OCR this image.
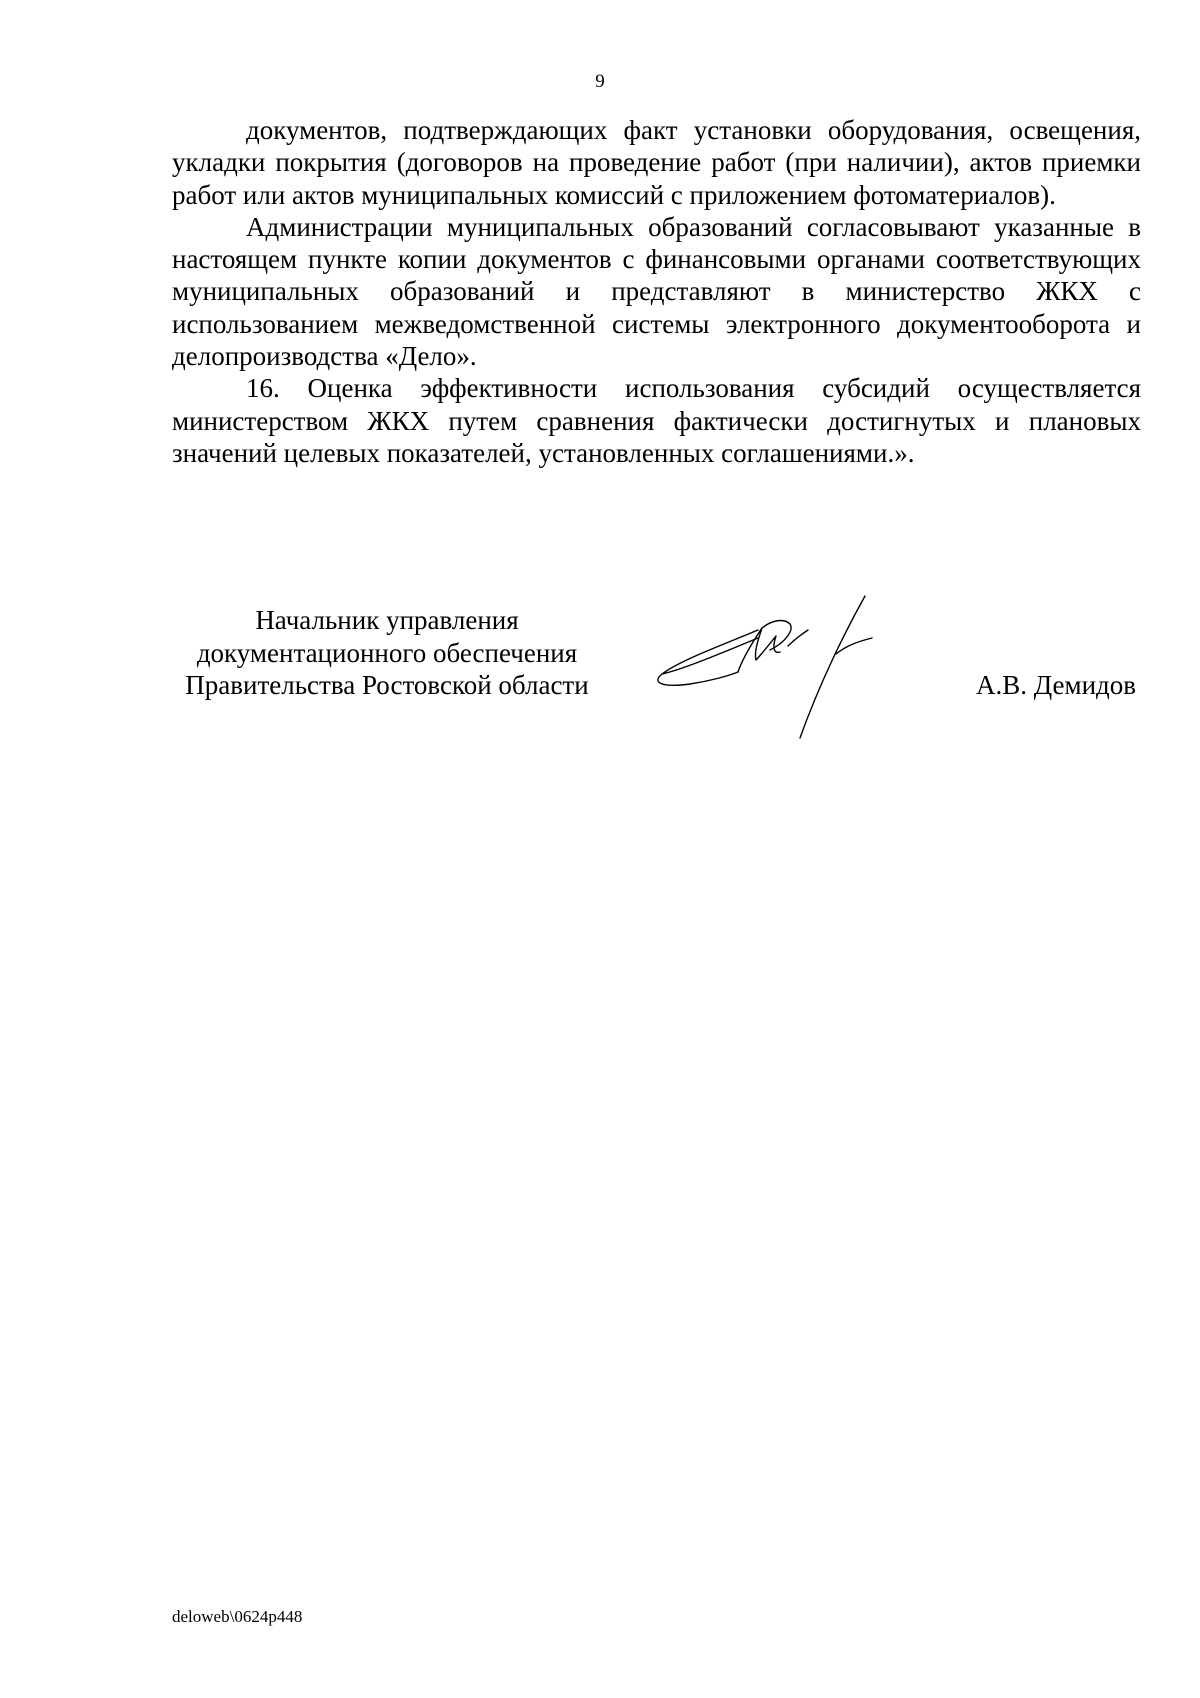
9

документов, подтверждающих факт установки оборудования, освещения, укладки покрытия (договоров на проведение работ (при наличии), актов приемки работ или актов муниципальных комиссий с приложением фотоматериалов).

Администрации муниципальных образований согласовывают указанные в настоящем пункте копии документов с финансовыми органами соответствующих муниципальных образований и представляют в министерство ЖКХ с использованием межведомственной системы электронного документооборота и делопроизводства «Дело».

16. Оценка эффективности использования субсидий осуществляется министерством ЖКХ путем сравнения фактически достигнутых и плановых значений целевых показателей, установленных соглашениями.».

Начальник управления
документационного обеспечения
Правительства Ростовской области	А.В. Демидов
deloweb\0624p448
